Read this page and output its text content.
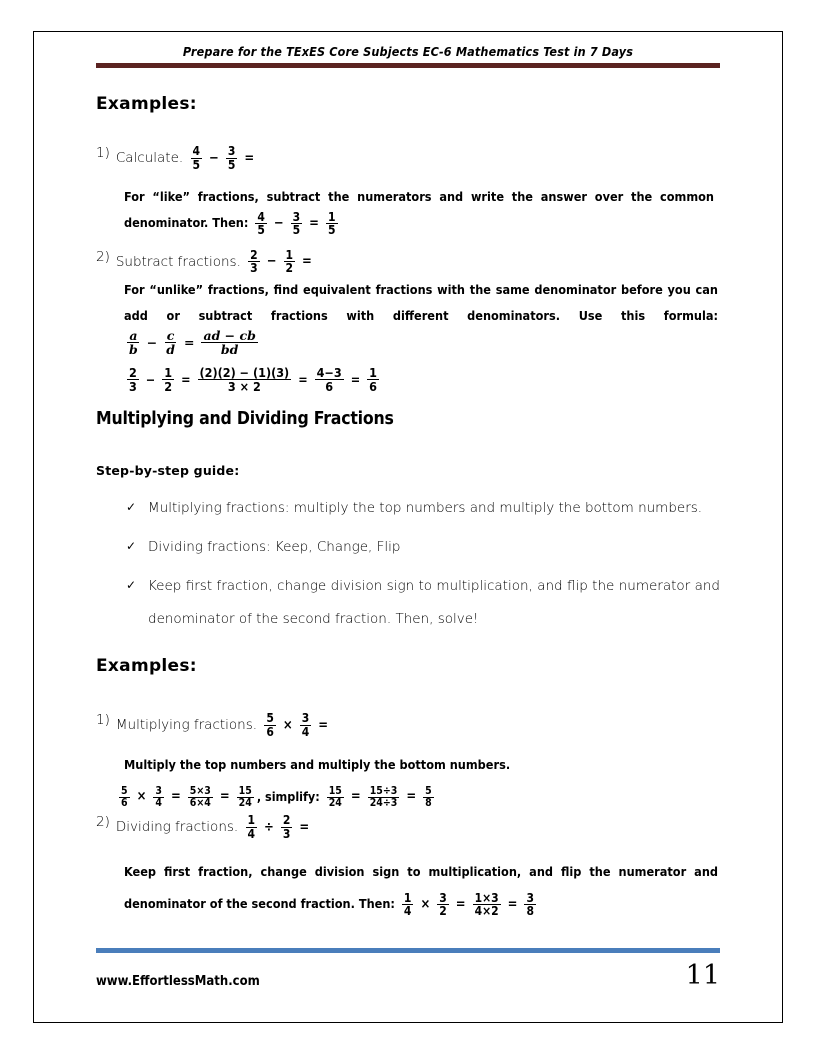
Prepare for the TExES Core Subjects EC-6 Mathematics Test in 7 Days
Examples:
1) Calculate. $\frac{4}{5} - \frac{3}{5}$ =
For “like” fractions, subtract the numerators and write the answer over the common denominator. Then: $\frac{4}{5} - \frac{3}{5} = \frac{1}{5}$
2) Subtract fractions. $\frac{2}{3} - \frac{1}{2}$ =
For “unlike” fractions, find equivalent fractions with the same denominator before you can add or subtract fractions with different denominators. Use this formula:
$\frac{a}{b} - \frac{c}{d} = \frac{ad - cb}{bd}$
$\frac{2}{3} - \frac{1}{2} = \frac{(2)(2) - (1)(3)}{3 \times 2} = \frac{4-3}{6} = \frac{1}{6}$
Multiplying and Dividing Fractions
Step-by-step guide:
✓ Multiplying fractions: multiply the top numbers and multiply the bottom numbers.
✓ Dividing fractions: Keep, Change, Flip
✓ Keep first fraction, change division sign to multiplication, and flip the numerator and denominator of the second fraction. Then, solve!
Examples:
1) Multiplying fractions. $\frac{5}{6} \times \frac{3}{4}$ =
Multiply the top numbers and multiply the bottom numbers.
$\frac{5}{6} \times \frac{3}{4} = \frac{5\times 3}{6\times 4} = \frac{15}{24}$ , simplify: $\frac{15}{24} = \frac{15\div 3}{24\div 3} = \frac{5}{8}$
2) Dividing fractions. $\frac{1}{4} \div \frac{2}{3}$ =
Keep first fraction, change division sign to multiplication, and flip the numerator and denominator of the second fraction. Then: $\frac{1}{4} \times \frac{3}{2} = \frac{1\times 3}{4\times 2} = \frac{3}{8}$
www.EffortlessMath.com	11
